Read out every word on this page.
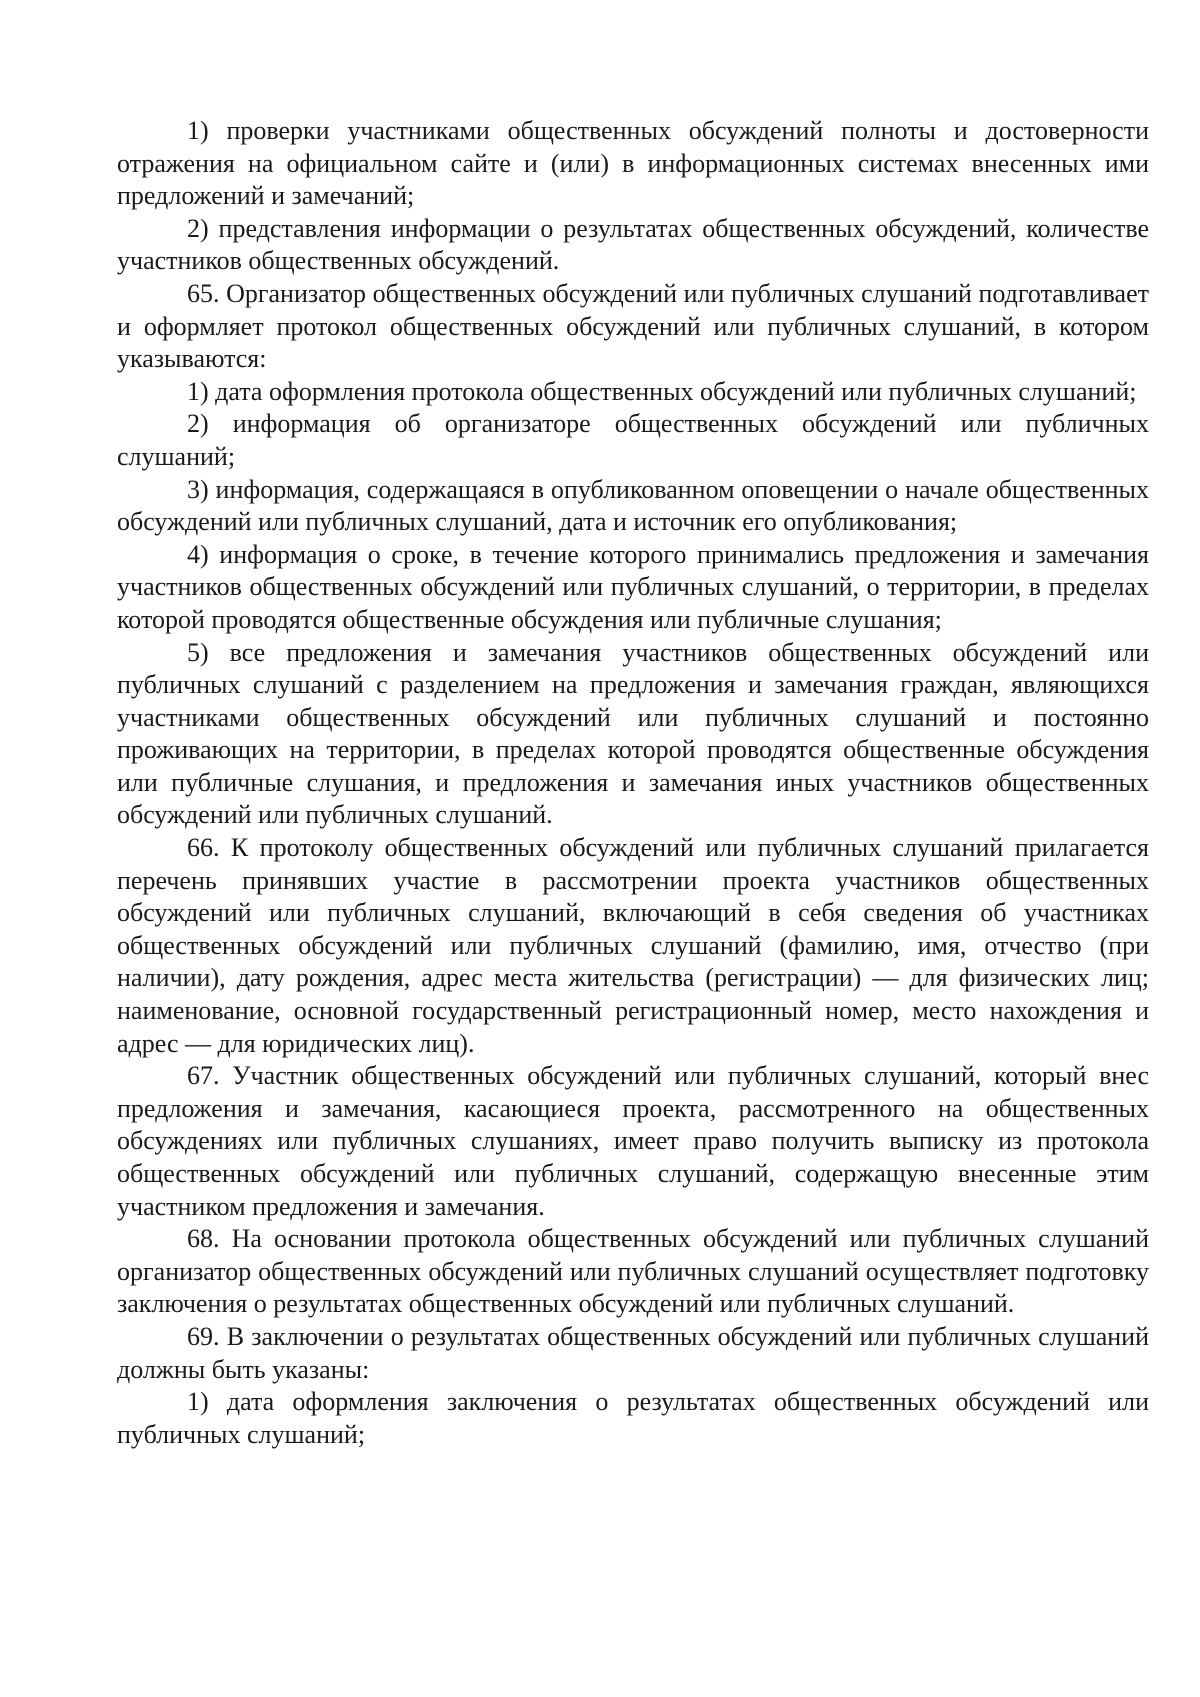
1) проверки участниками общественных обсуждений полноты и достоверности отражения на официальном сайте и (или) в информационных системах внесенных ими предложений и замечаний;

2) представления информации о результатах общественных обсуждений, количестве участников общественных обсуждений.

65. Организатор общественных обсуждений или публичных слушаний подготавливает и оформляет протокол общественных обсуждений или публичных слушаний, в котором указываются:

1) дата оформления протокола общественных обсуждений или публичных слушаний;

2) информация об организаторе общественных обсуждений или публичных слушаний;

3) информация, содержащаяся в опубликованном оповещении о начале общественных обсуждений или публичных слушаний, дата и источник его опубликования;

4) информация о сроке, в течение которого принимались предложения и замечания участников общественных обсуждений или публичных слушаний, о территории, в пределах которой проводятся общественные обсуждения или публичные слушания;

5) все предложения и замечания участников общественных обсуждений или публичных слушаний с разделением на предложения и замечания граждан, являющихся участниками общественных обсуждений или публичных слушаний и постоянно проживающих на территории, в пределах которой проводятся общественные обсуждения или публичные слушания, и предложения и замечания иных участников общественных обсуждений или публичных слушаний.

66. К протоколу общественных обсуждений или публичных слушаний прилагается перечень принявших участие в рассмотрении проекта участников общественных обсуждений или публичных слушаний, включающий в себя сведения об участниках общественных обсуждений или публичных слушаний (фамилию, имя, отчество (при наличии), дату рождения, адрес места жительства (регистрации) — для физических лиц; наименование, основной государственный регистрационный номер, место нахождения и адрес — для юридических лиц).

67. Участник общественных обсуждений или публичных слушаний, который внес предложения и замечания, касающиеся проекта, рассмотренного на общественных обсуждениях или публичных слушаниях, имеет право получить выписку из протокола общественных обсуждений или публичных слушаний, содержащую внесенные этим участником предложения и замечания.

68. На основании протокола общественных обсуждений или публичных слушаний организатор общественных обсуждений или публичных слушаний осуществляет подготовку заключения о результатах общественных обсуждений или публичных слушаний.

69. В заключении о результатах общественных обсуждений или публичных слушаний должны быть указаны:

1) дата оформления заключения о результатах общественных обсуждений или публичных слушаний;
